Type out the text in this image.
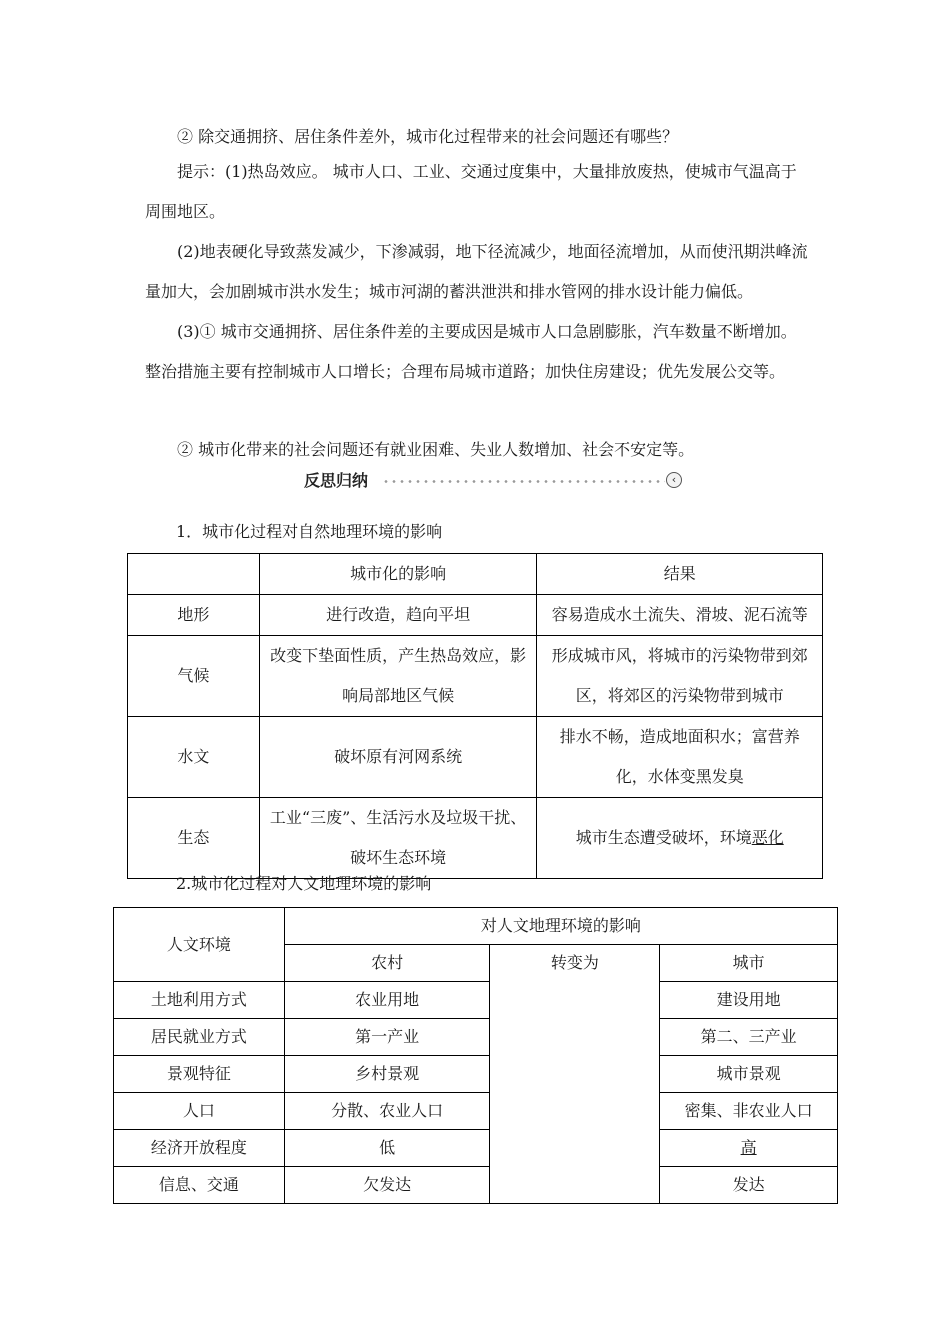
② 除交通拥挤、居住条件差外，城市化过程带来的社会问题还有哪些？

提示：(1)热岛效应。 城市人口、工业、交通过度集中，大量排放废热，使城市气温高于周围地区。

(2)地表硬化导致蒸发减少，下渗减弱，地下径流减少，地面径流增加，从而使汛期洪峰流量加大，会加剧城市洪水发生；城市河湖的蓄洪泄洪和排水管网的排水设计能力偏低。

(3)① 城市交通拥挤、居住条件差的主要成因是城市人口急剧膨胀，汽车数量不断增加。整治措施主要有控制城市人口增长；合理布局城市道路；加快住房建设；优先发展公交等。

② 城市化带来的社会问题还有就业困难、失业人数增加、社会不安定等。

反思归纳	‹

1．城市化过程对自然地理环境的影响

	城市化的影响	结果
地形	进行改造，趋向平坦	容易造成水土流失、滑坡、泥石流等
气候	改变下垫面性质，产生热岛效应，影响局部地区气候	形成城市风，将城市的污染物带到郊区，将郊区的污染物带到城市
水文	破坏原有河网系统	排水不畅，造成地面积水；富营养化，水体变黑发臭
生态	工业“三废”、生活污水及垃圾干扰、破坏生态环境	城市生态遭受破坏，环境恶化

2.城市化过程对人文地理环境的影响

人文环境	对人文地理环境的影响		
	农村	转变为	城市
土地利用方式	农业用地		建设用地
居民就业方式	第一产业		第二、三产业
景观特征	乡村景观		城市景观
人口	分散、农业人口		密集、非农业人口
经济开放程度	低		高
信息、交通	欠发达		发达
